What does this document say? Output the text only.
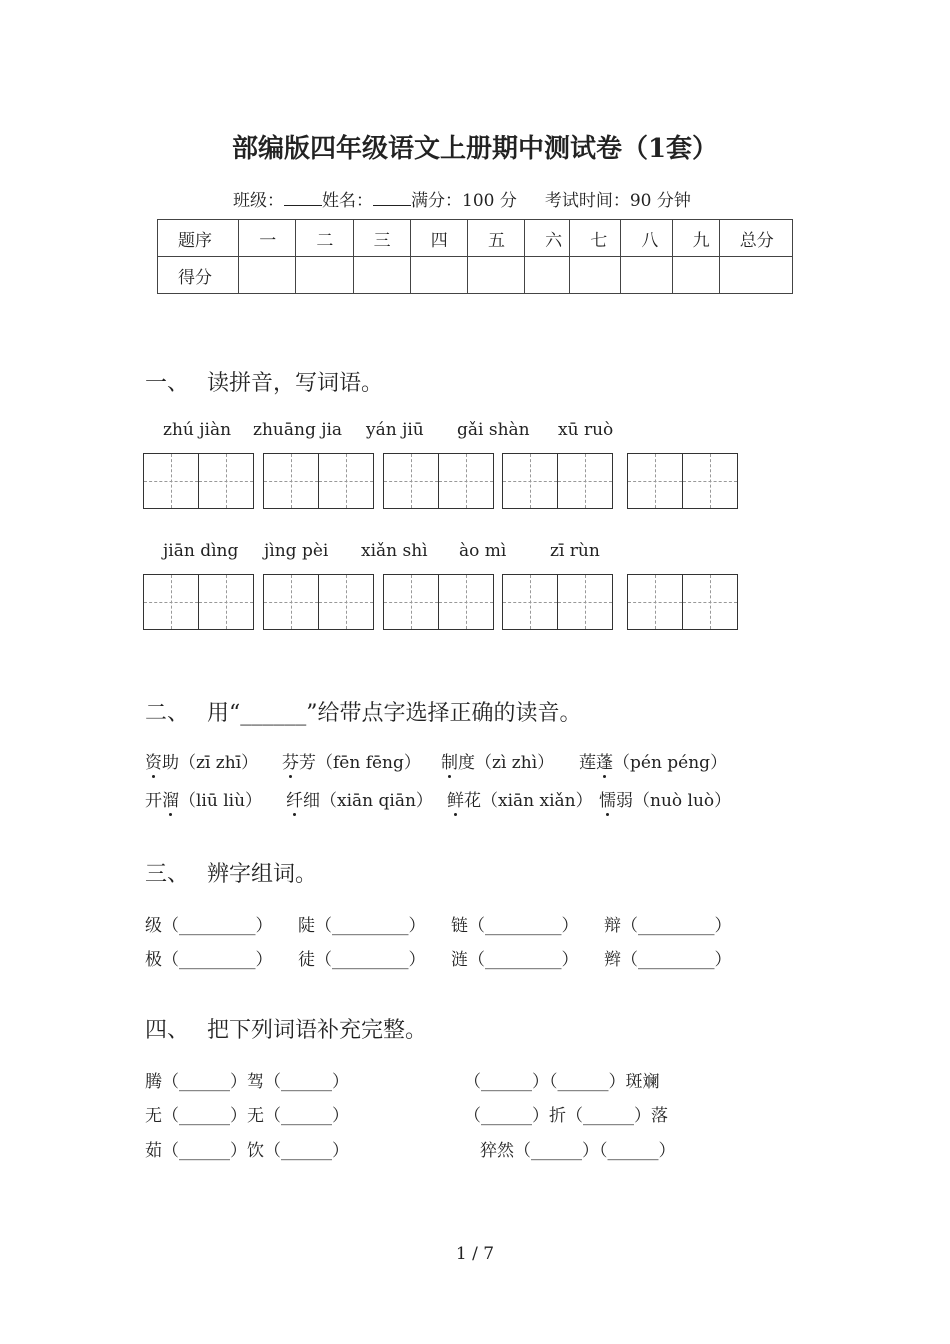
部编版四年级语文上册期中测试卷（1套）
班级： 姓名： 满分：100 分 考试时间：90 分钟
题序	一	二	三	四	五	六	七	八	九	总分
得分										
一、 读拼音，写词语。
zhú jiàn zhuāng jia yán jiū gǎi shàn xū ruò
jiān dìng jìng pèi xiǎn shì ào mì	zī rùn
二、 用“______”给带点字选择正确的读音。
资助（zī zhī） 芬芳（fēn fēng） 制度（zì zhì） 莲蓬（pén péng）
开溜（liū liù） 纤细（xiān qiān） 鲜花（xiān xiǎn） 懦弱（nuò luò）
三、 辨字组词。
级（_________） 陡（_________） 链（_________） 辩（_________）
极（_________） 徒（_________） 涟（_________） 辫（_________）
四、 把下列词语补充完整。
腾（______）驾（______）
无（______）无（______）
茹（______）饮（______）
（______）（______）斑斓
（______）折（______）落
猝然（______）（______）
1 / 7
